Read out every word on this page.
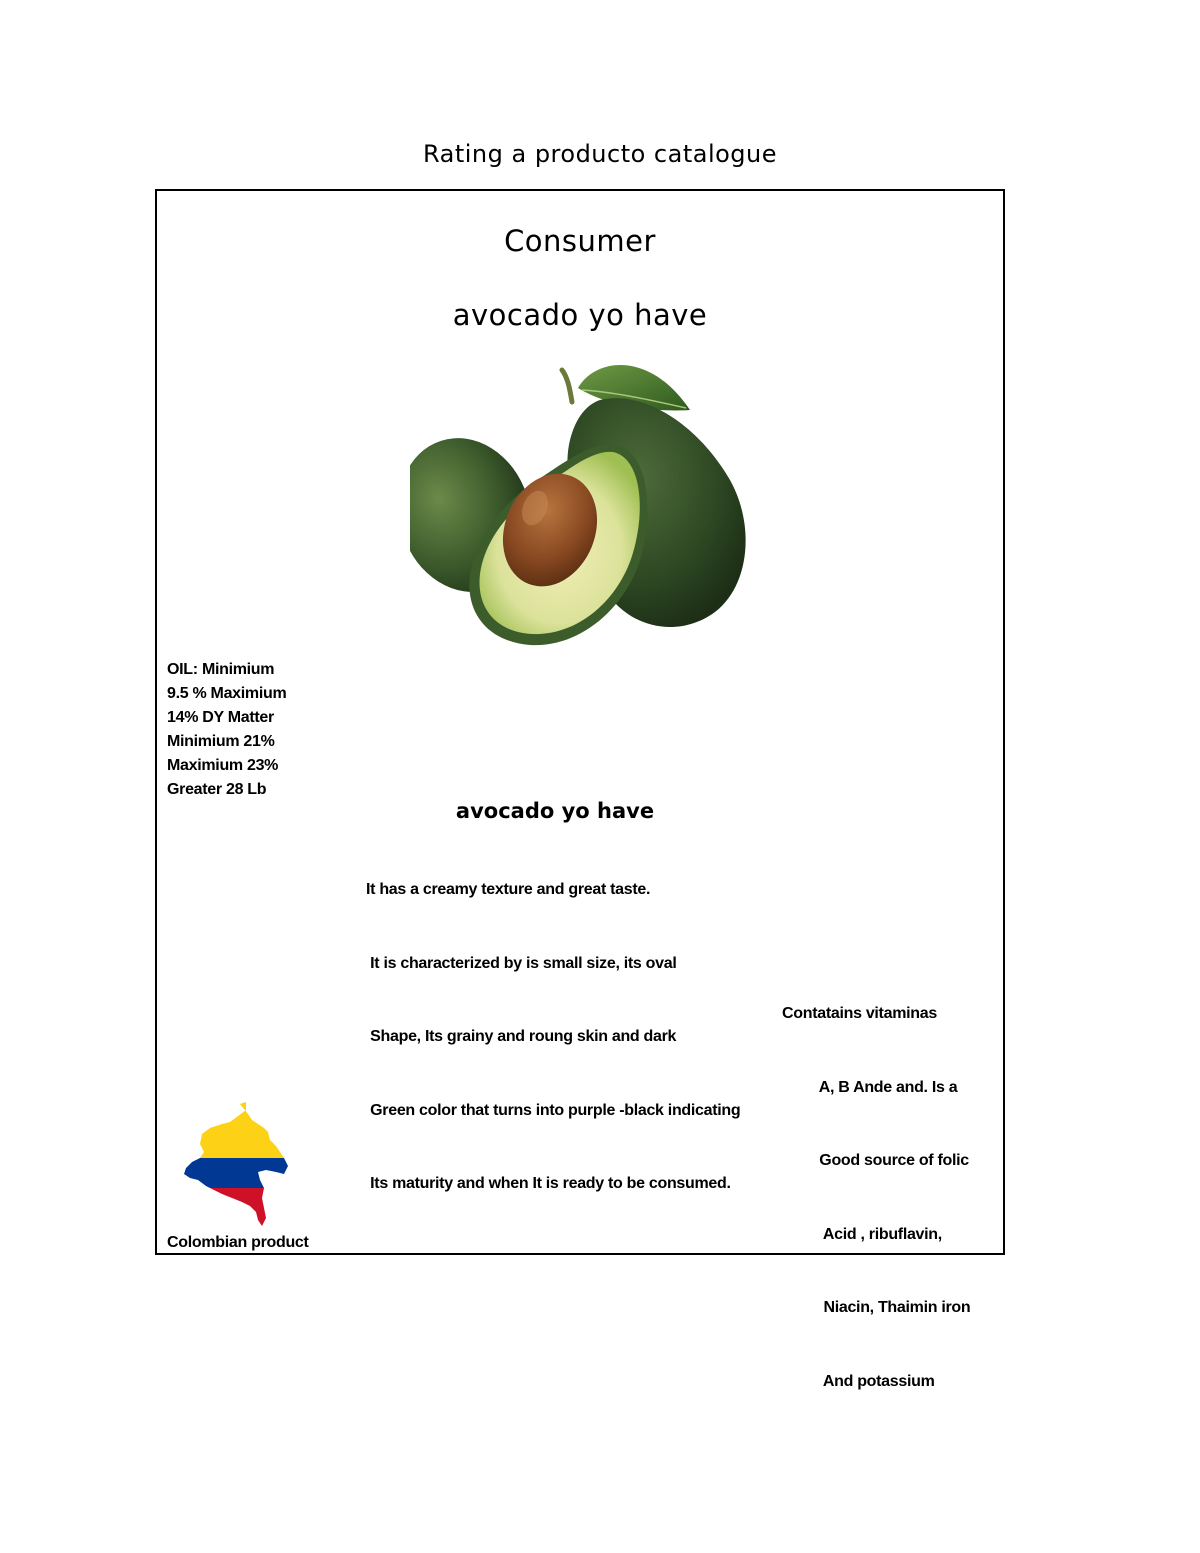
Rating a producto catalogue
Consumer
avocado yo have
OIL: Minimium
9.5 % Maximium
14% DY Matter
Minimium 21%
Maximium 23%
Greater 28 Lb
avocado yo have

It has a creamy texture and great taste.

It is characterized by is small size, its oval

Shape, Its grainy and roung skin and dark

Green color that turns into purple -black indicating

Its maturity and when It is ready to be consumed.

Contatains vitaminas

A, B Ande and. Is a

Good source of folic

Acid , ribuflavin,

Niacin, Thaimin iron

And potassium

Colombian product
